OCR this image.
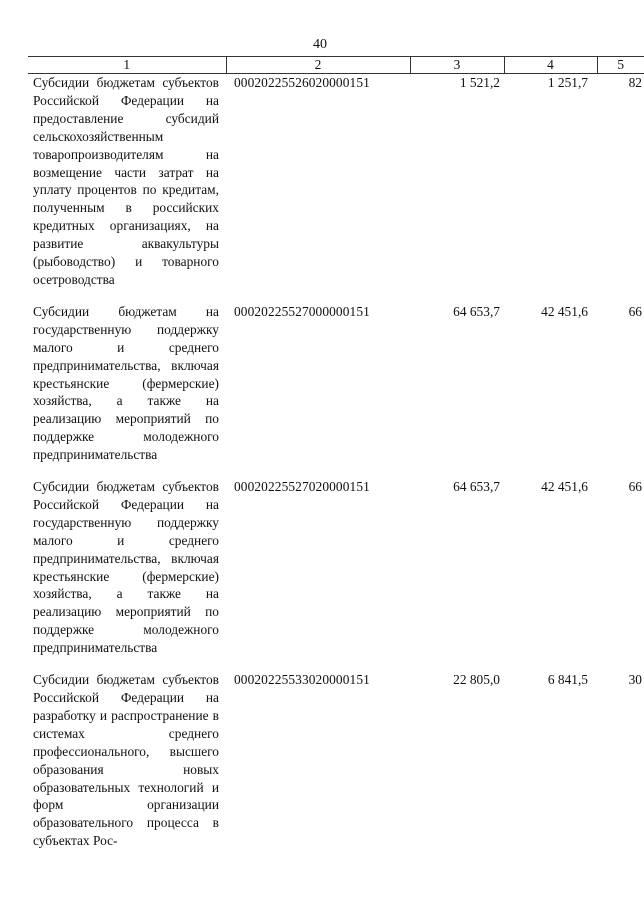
40
1	2	3	4	5
Субсидии бюджетам субъектов Российской Федерации на предоставление субсидий сельскохозяйственным товаропроизводителям на возмещение части затрат на уплату процентов по кредитам, полученным в российских кредитных организациях, на развитие аквакультуры (рыбоводство) и товарного осетроводства	00020225526020000151	1 521,2	1 251,7	82
Субсидии бюджетам на государственную поддержку малого и среднего предпринимательства, включая крестьянские (фермерские) хозяйства, а также на реализацию мероприятий по поддержке молодежного предпринимательства	00020225527000000151	64 653,7	42 451,6	66
Субсидии бюджетам субъектов Российской Федерации на государственную поддержку малого и среднего предпринимательства, включая крестьянские (фермерские) хозяйства, а также на реализацию мероприятий по поддержке молодежного предпринимательства	00020225527020000151	64 653,7	42 451,6	66
Субсидии бюджетам субъектов Российской Федерации на разработку и распространение в системах среднего профессионального, высшего образования новых образовательных технологий и форм организации образовательного процесса в субъектах Рос-	00020225533020000151	22 805,0	6 841,5	30
